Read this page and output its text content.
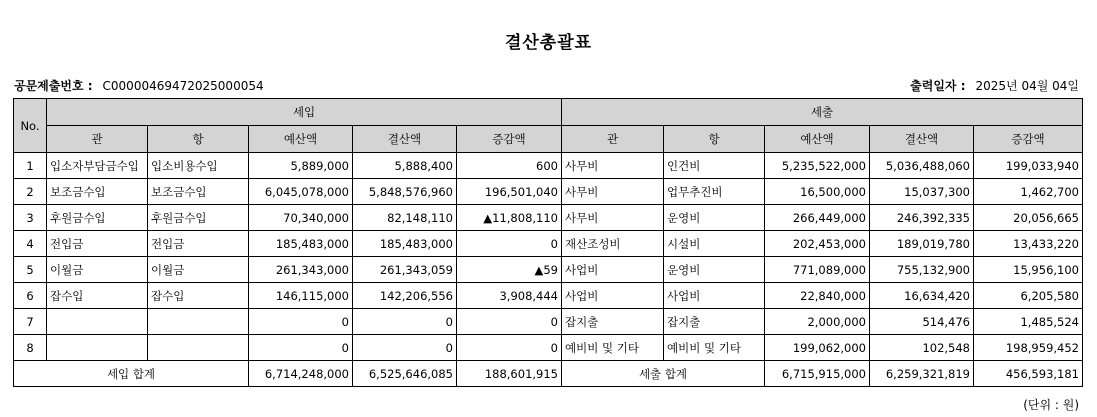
결산총괄표
공문제출번호 : C00000469472025000054	출력일자 : 2025년 04월 04일
No.	세입					세출				
	관	항	예산액	결산액	증감액	관	항	예산액	결산액	증감액
1	입소자부담금수입	입소비용수입	5,889,000	5,888,400	600	사무비	인건비	5,235,522,000	5,036,488,060	199,033,940
2	보조금수입	보조금수입	6,045,078,000	5,848,576,960	196,501,040	사무비	업무추진비	16,500,000	15,037,300	1,462,700
3	후원금수입	후원금수입	70,340,000	82,148,110	▲11,808,110	사무비	운영비	266,449,000	246,392,335	20,056,665
4	전입금	전입금	185,483,000	185,483,000	0	재산조성비	시설비	202,453,000	189,019,780	13,433,220
5	이월금	이월금	261,343,000	261,343,059	▲59	사업비	운영비	771,089,000	755,132,900	15,956,100
6	잡수입	잡수입	146,115,000	142,206,556	3,908,444	사업비	사업비	22,840,000	16,634,420	6,205,580
7			0	0	0	잡지출	잡지출	2,000,000	514,476	1,485,524
8			0	0	0	예비비 및 기타	예비비 및 기타	199,062,000	102,548	198,959,452
세입 합계			6,714,248,000	6,525,646,085	188,601,915	세출 합계		6,715,915,000	6,259,321,819	456,593,181
(단위 : 원)
